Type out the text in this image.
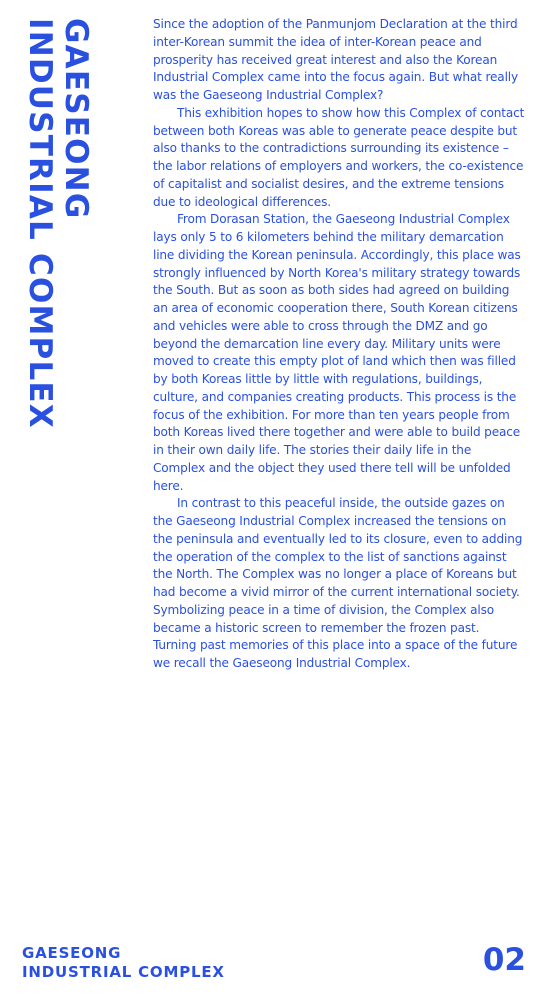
GAESEONG
INDUSTRIAL COMPLEX	Since the adoption of the Panmunjom Declaration at the third inter-Korean summit the idea of inter-Korean peace and prosperity has received great interest and also the Korean Industrial Complex came into the focus again. But what really was the Gaeseong Industrial Complex?

This exhibition hopes to show how this Complex of contact between both Koreas was able to generate peace despite but also thanks to the contradictions surrounding its existence – the labor relations of employers and workers, the co-existence of capitalist and socialist desires, and the extreme tensions due to ideological differences.

From Dorasan Station, the Gaeseong Industrial Complex lays only 5 to 6 kilometers behind the military demarcation line dividing the Korean peninsula. Accordingly, this place was strongly influenced by North Korea's military strategy towards the South. But as soon as both sides had agreed on building an area of economic cooperation there, South Korean citizens and vehicles were able to cross through the DMZ and go beyond the demarcation line every day. Military units were moved to create this empty plot of land which then was filled by both Koreas little by little with regulations, buildings, culture, and companies creating products. This process is the focus of the exhibition. For more than ten years people from both Koreas lived there together and were able to build peace in their own daily life. The stories their daily life in the Complex and the object they used there tell will be unfolded here.

In contrast to this peaceful inside, the outside gazes on the Gaeseong Industrial Complex increased the tensions on the peninsula and eventually led to its closure, even to adding the operation of the complex to the list of sanctions against the North. The Complex was no longer a place of Koreans but had become a vivid mirror of the current international society. Symbolizing peace in a time of division, the Complex also became a historic screen to remember the frozen past. Turning past memories of this place into a space of the future we recall the Gaeseong Industrial Complex.

GAESEONG
INDUSTRIAL COMPLEX	02
